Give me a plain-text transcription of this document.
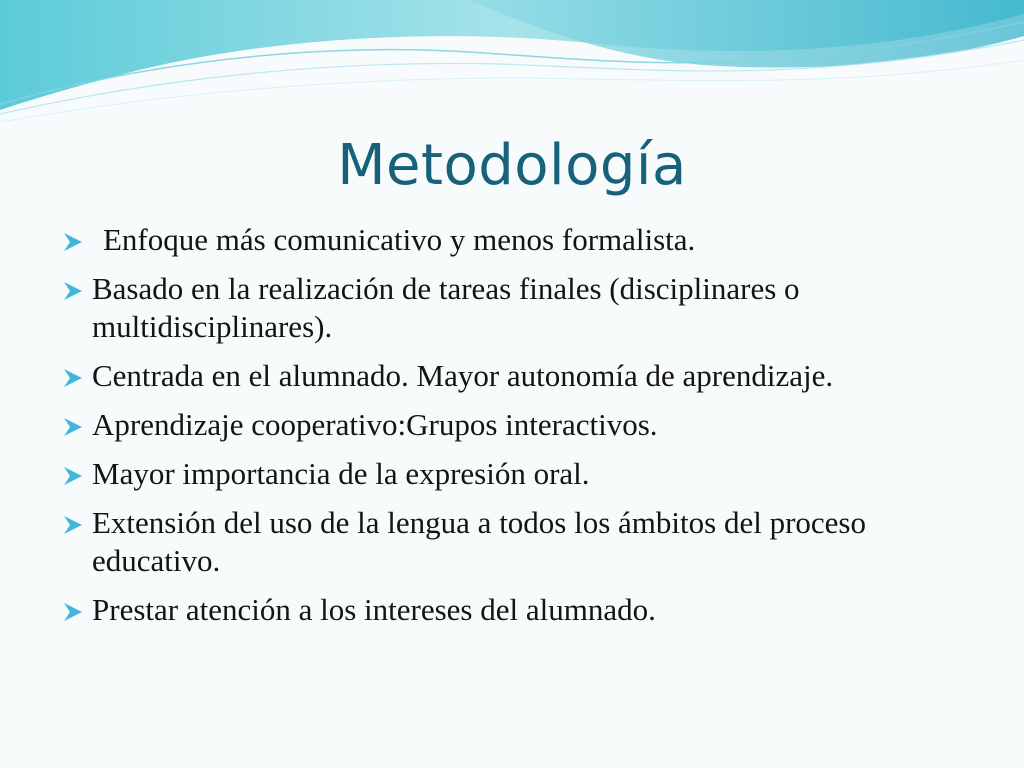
Metodología
Enfoque más comunicativo y menos formalista.
Basado en la realización de tareas finales (disciplinares o multidisciplinares).
Centrada en el alumnado. Mayor autonomía de aprendizaje.
Aprendizaje cooperativo:Grupos interactivos.
Mayor importancia de la expresión oral.
Extensión del uso de la lengua a todos los ámbitos del proceso educativo.
Prestar atención a los intereses del alumnado.
